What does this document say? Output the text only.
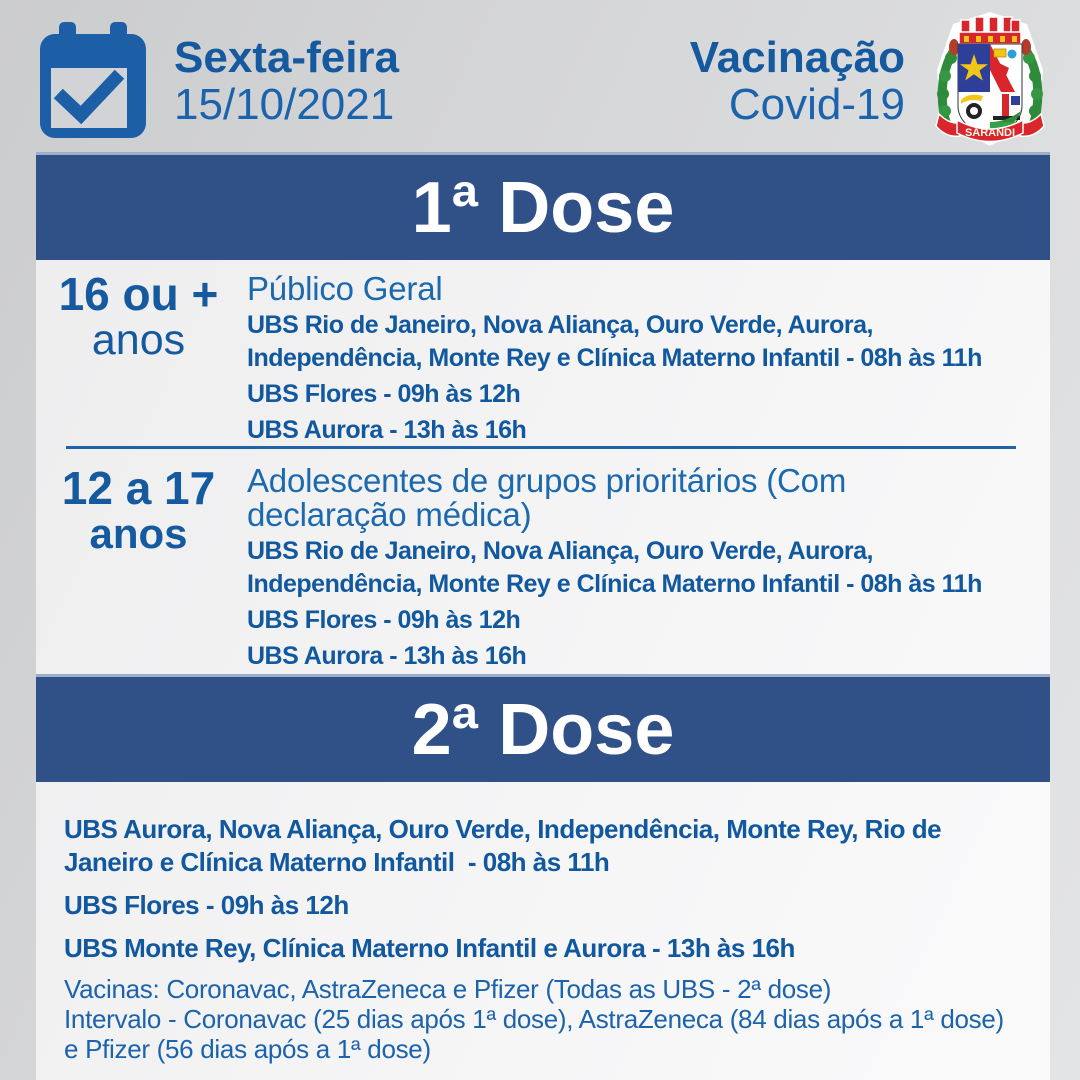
Sexta-feira
15/10/2021
Vacinação
Covid-19
SARANDI
1ª Dose
16 ou +
anos
Público Geral
UBS Rio de Janeiro, Nova Aliança, Ouro Verde, Aurora,
Independência, Monte Rey e Clínica Materno Infantil - 08h às 11h
UBS Flores - 09h às 12h
UBS Aurora - 13h às 16h
12 a 17
anos
Adolescentes de grupos prioritários (Com
declaração médica)
UBS Rio de Janeiro, Nova Aliança, Ouro Verde, Aurora,
Independência, Monte Rey e Clínica Materno Infantil - 08h às 11h
UBS Flores - 09h às 12h
UBS Aurora - 13h às 16h
2ª Dose
UBS Aurora, Nova Aliança, Ouro Verde, Independência, Monte Rey, Rio de
Janeiro e Clínica Materno Infantil  - 08h às 11h
UBS Flores - 09h às 12h
UBS Monte Rey, Clínica Materno Infantil e Aurora - 13h às 16h
Vacinas: Coronavac, AstraZeneca e Pfizer (Todas as UBS - 2ª dose)
Intervalo - Coronavac (25 dias após 1ª dose), AstraZeneca (84 dias após a 1ª dose)
e Pfizer (56 dias após a 1ª dose)
